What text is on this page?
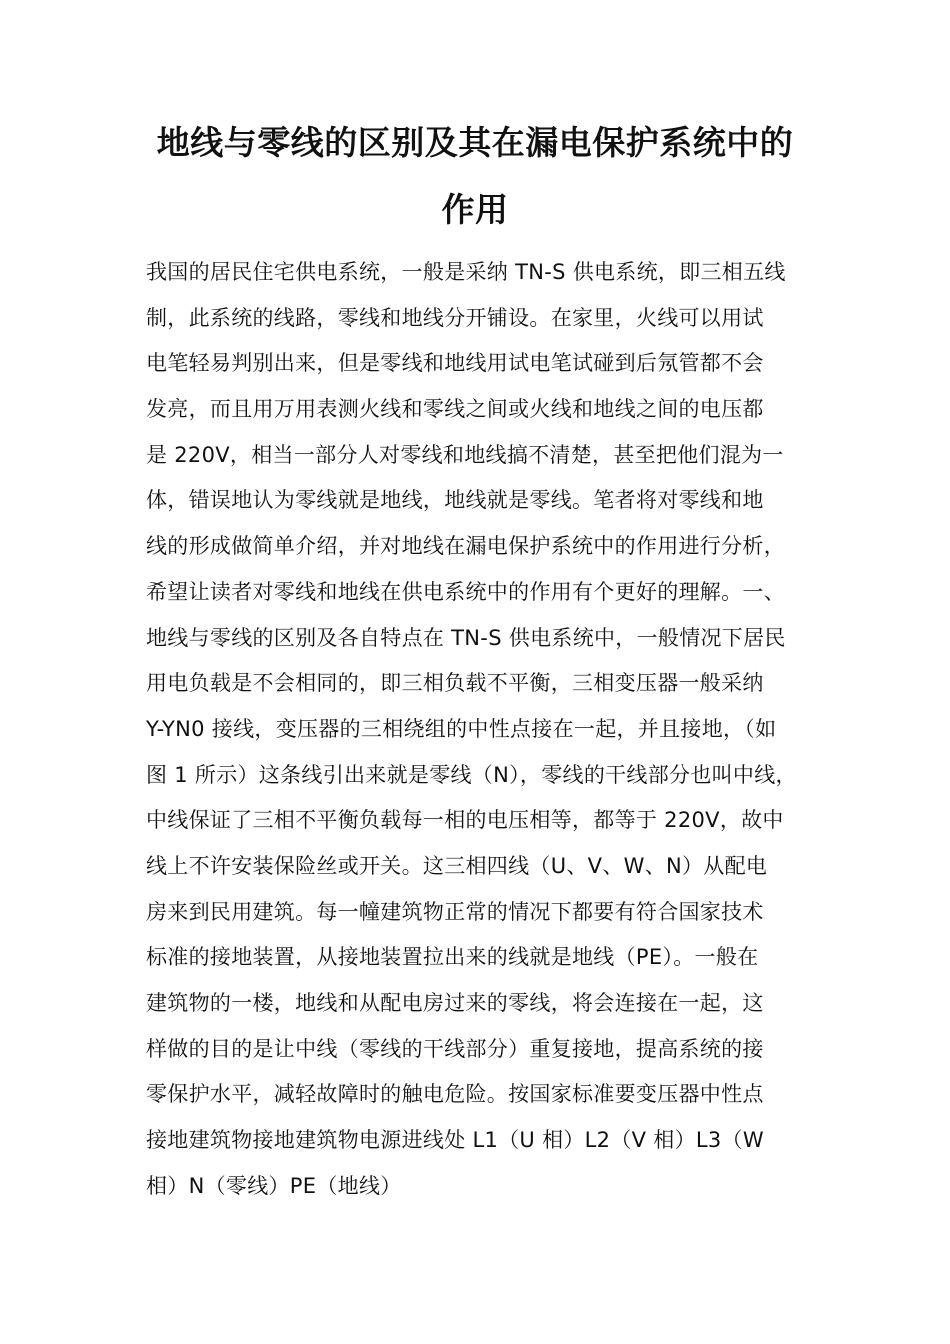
地线与零线的区别及其在漏电保护系统中的
作用
我国的居民住宅供电系统，一般是采纳 TN-S 供电系统，即三相五线
制，此系统的线路，零线和地线分开铺设。在家里，火线可以用试
电笔轻易判别出来，但是零线和地线用试电笔试碰到后氖管都不会
发亮，而且用万用表测火线和零线之间或火线和地线之间的电压都
是 220V，相当一部分人对零线和地线搞不清楚，甚至把他们混为一
体，错误地认为零线就是地线，地线就是零线。笔者将对零线和地
线的形成做简单介绍，并对地线在漏电保护系统中的作用进行分析，
希望让读者对零线和地线在供电系统中的作用有个更好的理解。一、
地线与零线的区别及各自特点在 TN-S 供电系统中，一般情况下居民
用电负载是不会相同的，即三相负载不平衡，三相变压器一般采纳
Y-YN0 接线，变压器的三相绕组的中性点接在一起，并且接地，（如
图 1 所示）这条线引出来就是零线（N），零线的干线部分也叫中线，
中线保证了三相不平衡负载每一相的电压相等，都等于 220V，故中
线上不许安装保险丝或开关。这三相四线（U、V、W、N）从配电
房来到民用建筑。每一幢建筑物正常的情况下都要有符合国家技术
标准的接地装置，从接地装置拉出来的线就是地线（PE）。一般在
建筑物的一楼，地线和从配电房过来的零线，将会连接在一起，这
样做的目的是让中线（零线的干线部分）重复接地，提高系统的接
零保护水平，减轻故障时的触电危险。按国家标准要变压器中性点
接地建筑物接地建筑物电源进线处 L1（U 相）L2（V 相）L3（W
相）N（零线）PE（地线）
